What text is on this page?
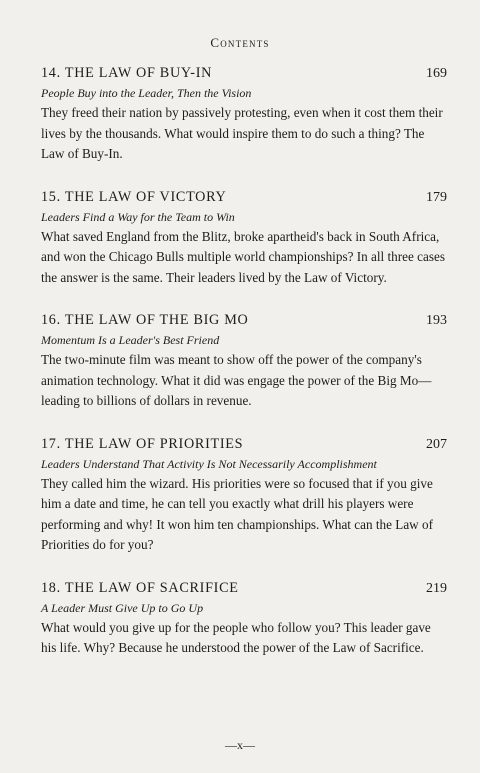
Contents
14. THE LAW OF BUY-IN	169
People Buy into the Leader, Then the Vision
They freed their nation by passively protesting, even when it cost them their lives by the thousands. What would inspire them to do such a thing? The Law of Buy-In.
15. THE LAW OF VICTORY	179
Leaders Find a Way for the Team to Win
What saved England from the Blitz, broke apartheid's back in South Africa, and won the Chicago Bulls multiple world championships? In all three cases the answer is the same. Their leaders lived by the Law of Victory.
16. THE LAW OF THE BIG MO	193
Momentum Is a Leader's Best Friend
The two-minute film was meant to show off the power of the company's animation technology. What it did was engage the power of the Big Mo—leading to billions of dollars in revenue.
17. THE LAW OF PRIORITIES	207
Leaders Understand That Activity Is Not Necessarily Accomplishment
They called him the wizard. His priorities were so focused that if you give him a date and time, he can tell you exactly what drill his players were performing and why! It won him ten championships. What can the Law of Priorities do for you?
18. THE LAW OF SACRIFICE	219
A Leader Must Give Up to Go Up
What would you give up for the people who follow you? This leader gave his life. Why? Because he understood the power of the Law of Sacrifice.
—x—
